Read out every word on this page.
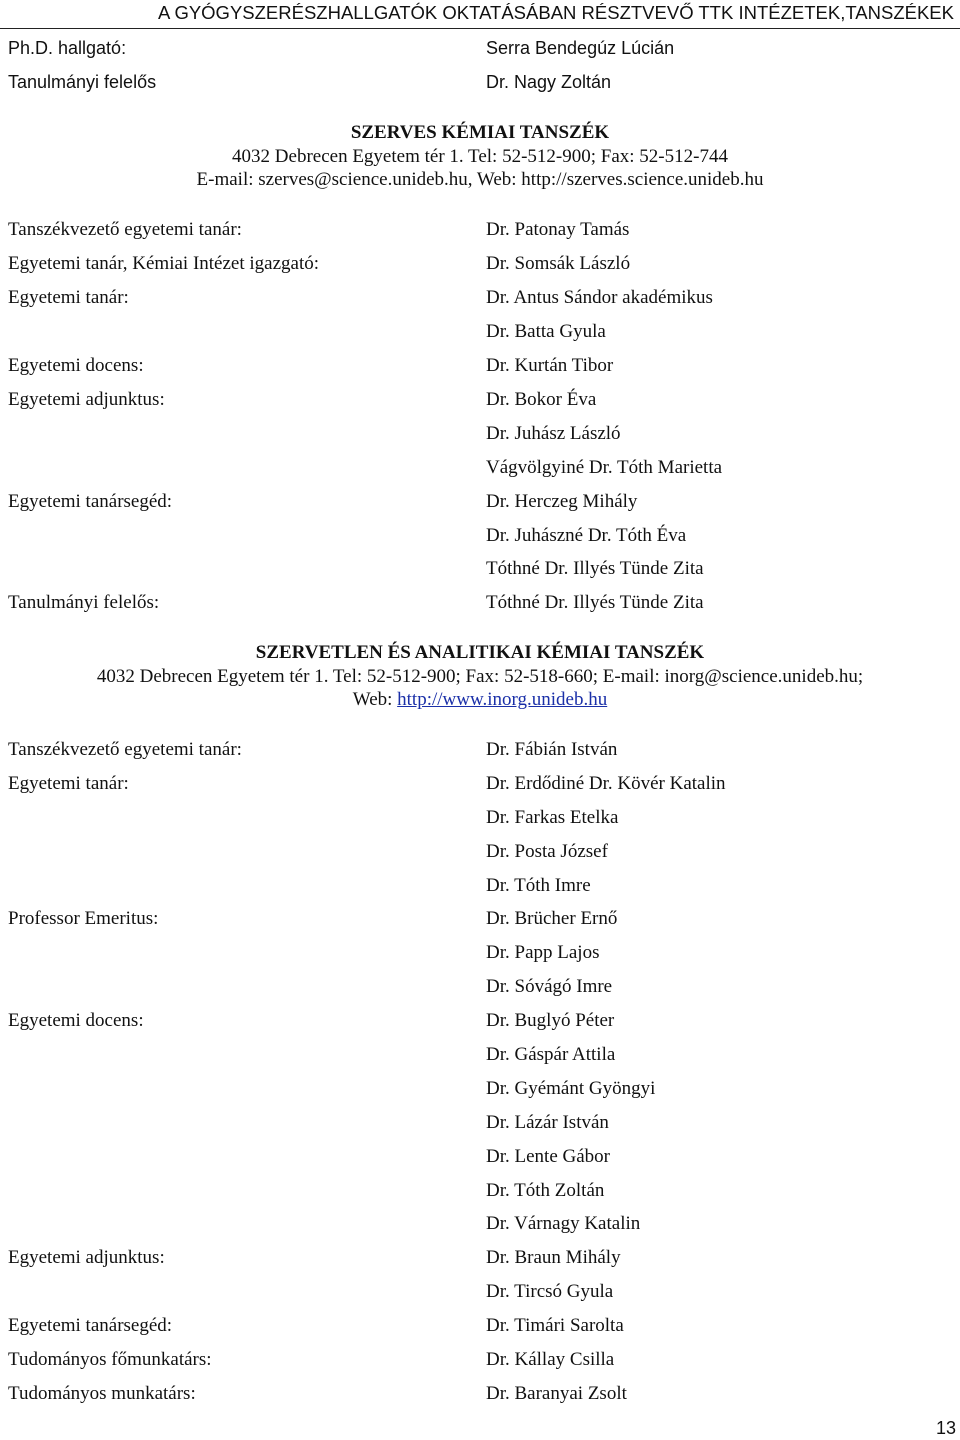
A GYÓGYSZERÉSZHALLGATÓK OKTATÁSÁBAN RÉSZTVEVŐ TTK INTÉZETEK,TANSZÉKEK
Ph.D. hallgató:	Serra Bendegúz Lúcián
Tanulmányi felelős	Dr. Nagy Zoltán
SZERVES KÉMIAI TANSZÉK
4032 Debrecen Egyetem tér 1. Tel: 52-512-900; Fax: 52-512-744
E-mail: szerves@science.unideb.hu, Web: http://szerves.science.unideb.hu
Tanszékvezető egyetemi tanár:	Dr. Patonay Tamás
Egyetemi tanár, Kémiai Intézet igazgató:	Dr. Somsák László
Egyetemi tanár:	Dr. Antus Sándor akadémikus
Dr. Batta Gyula
Egyetemi docens:	Dr. Kurtán Tibor
Egyetemi adjunktus:	Dr. Bokor Éva
Dr. Juhász László
Vágvölgyiné Dr. Tóth Marietta
Egyetemi tanársegéd:	Dr. Herczeg Mihály
Dr. Juhászné Dr. Tóth Éva
Tóthné Dr. Illyés Tünde Zita
Tanulmányi felelős:	Tóthné Dr. Illyés Tünde Zita
SZERVETLEN ÉS ANALITIKAI KÉMIAI TANSZÉK
4032 Debrecen Egyetem tér 1. Tel: 52-512-900; Fax: 52-518-660; E-mail: inorg@science.unideb.hu;
Web: http://www.inorg.unideb.hu
Tanszékvezető egyetemi tanár:	Dr. Fábián István
Egyetemi tanár:	Dr. Erdődiné Dr. Kövér Katalin
Dr. Farkas Etelka
Dr. Posta József
Dr. Tóth Imre
Professor Emeritus:	Dr. Brücher Ernő
Dr. Papp Lajos
Dr. Sóvágó Imre
Egyetemi docens:	Dr. Buglyó Péter
Dr. Gáspár Attila
Dr. Gyémánt Gyöngyi
Dr. Lázár István
Dr. Lente Gábor
Dr. Tóth Zoltán
Dr. Várnagy Katalin
Egyetemi adjunktus:	Dr. Braun Mihály
Dr. Tircsó Gyula
Egyetemi tanársegéd:	Dr. Timári Sarolta
Tudományos főmunkatárs:	Dr. Kállay Csilla
Tudományos munkatárs:	Dr. Baranyai Zsolt
13
